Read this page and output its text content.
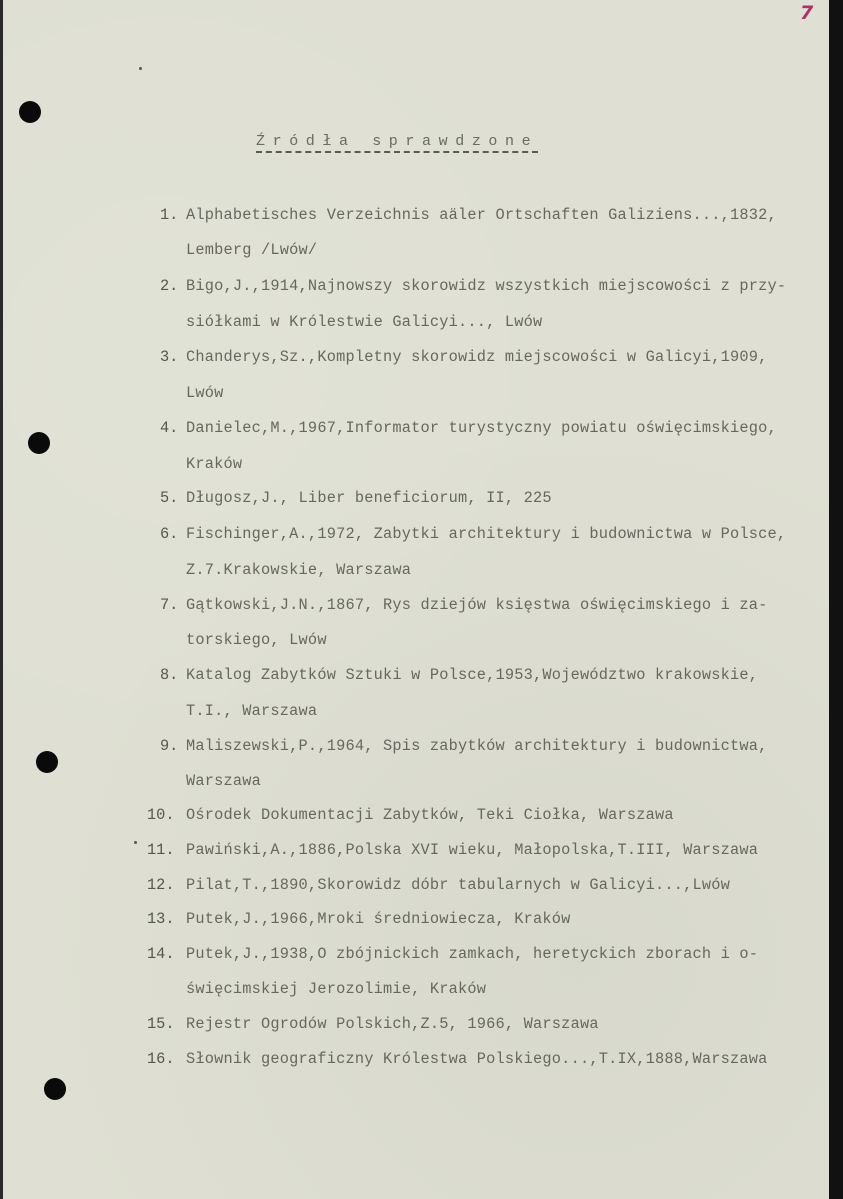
7
Źródła sprawdzone
1. Alphabetisches Verzeichnis aäler Ortschaften Galiziens...,1832,
Lemberg /Lwów/
2. Bigo,J.,1914,Najnowszy skorowidz wszystkich miejscowości z przy-
siółkami w Królestwie Galicyi..., Lwów
3. Chanderys,Sz.,Kompletny skorowidz miejscowości w Galicyi,1909,
Lwów
4. Danielec,M.,1967,Informator turystyczny powiatu oświęcimskiego,
Kraków
5. Długosz,J., Liber beneficiorum, II, 225
6. Fischinger,A.,1972, Zabytki architektury i budownictwa w Polsce,
Z.7.Krakowskie, Warszawa
7. Gątkowski,J.N.,1867, Rys dziejów księstwa oświęcimskiego i za-
torskiego, Lwów
8. Katalog Zabytków Sztuki w Polsce,1953,Województwo krakowskie,
T.I., Warszawa
9. Maliszewski,P.,1964, Spis zabytków architektury i budownictwa,
Warszawa
10. Ośrodek Dokumentacji Zabytków, Teki Ciołka, Warszawa
11. Pawiński,A.,1886,Polska XVI wieku, Małopolska,T.III, Warszawa
12. Pilat,T.,1890,Skorowidz dóbr tabularnych w Galicyi...,Lwów
13. Putek,J.,1966,Mroki średniowiecza, Kraków
14. Putek,J.,1938,O zbójnickich zamkach, heretyckich zborach i o-
święcimskiej Jerozolimie, Kraków
15. Rejestr Ogrodów Polskich,Z.5, 1966, Warszawa
16. Słownik geograficzny Królestwa Polskiego...,T.IX,1888,Warszawa
